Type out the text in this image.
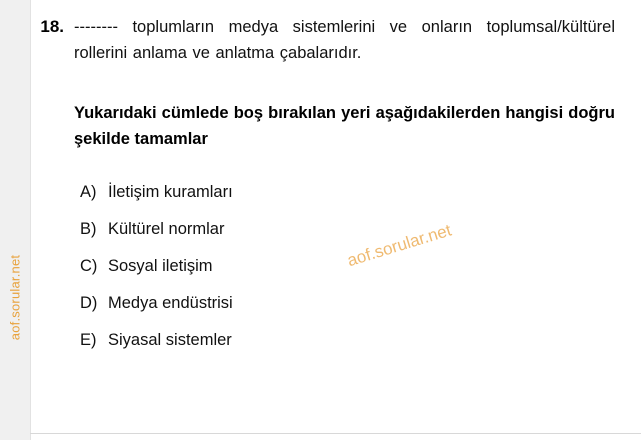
aof.sorular.net
18. -------- toplumların medya sistemlerini ve onların toplumsal/kültürel rollerini anlama ve anlatma çabalarıdır.

Yukarıdaki cümlede boş bırakılan yeri aşağıdakilerden hangisi doğru şekilde tamamlar

A) İletişim kuramları
B) Kültürel normlar
C) Sosyal iletişim
D) Medya endüstrisi
E) Siyasal sistemler
aof.sorular.net
